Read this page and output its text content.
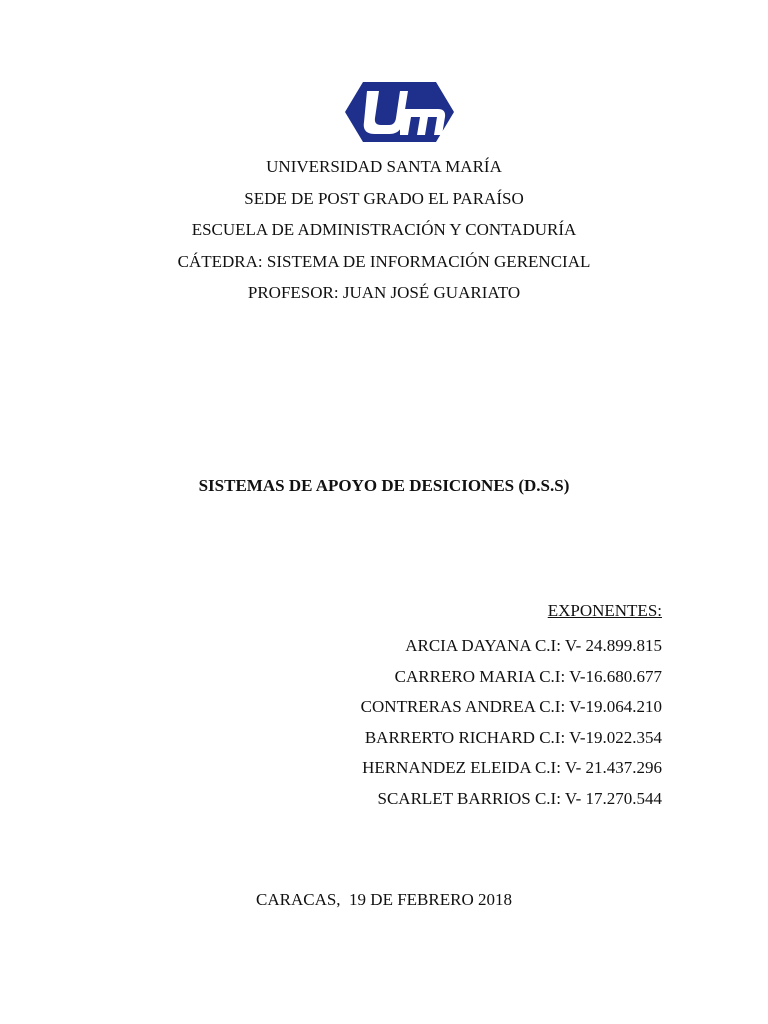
UNIVERSIDAD SANTA MARÍA
SEDE DE POST GRADO EL PARAÍSO
ESCUELA DE ADMINISTRACIÓN Y CONTADURÍA
CÁTEDRA: SISTEMA DE INFORMACIÓN GERENCIAL
PROFESOR: JUAN JOSÉ GUARIATO
SISTEMAS DE APOYO DE DESICIONES (D.S.S)
EXPONENTES:
ARCIA DAYANA C.I: V- 24.899.815
CARRERO MARIA C.I: V-16.680.677
CONTRERAS ANDREA C.I: V-19.064.210
BARRERTO RICHARD C.I: V-19.022.354
HERNANDEZ ELEIDA C.I: V- 21.437.296
SCARLET BARRIOS C.I: V- 17.270.544
CARACAS,  19 DE FEBRERO 2018
